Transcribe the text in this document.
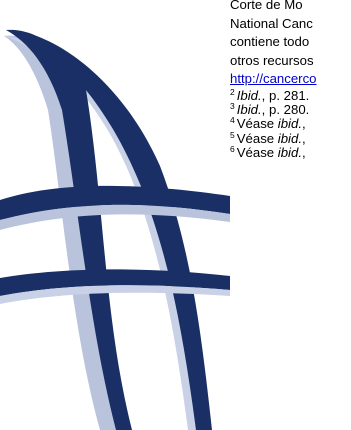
Corte de Mo
National Canc
contiene todo
otros recursos
http://cancerco
$^2$ Ibid., p. 281.
$^3$ Ibid., p. 280.
$^4$ Véase ibid.,
$^5$ Véase ibid.,
$^6$ Véase ibid.,
